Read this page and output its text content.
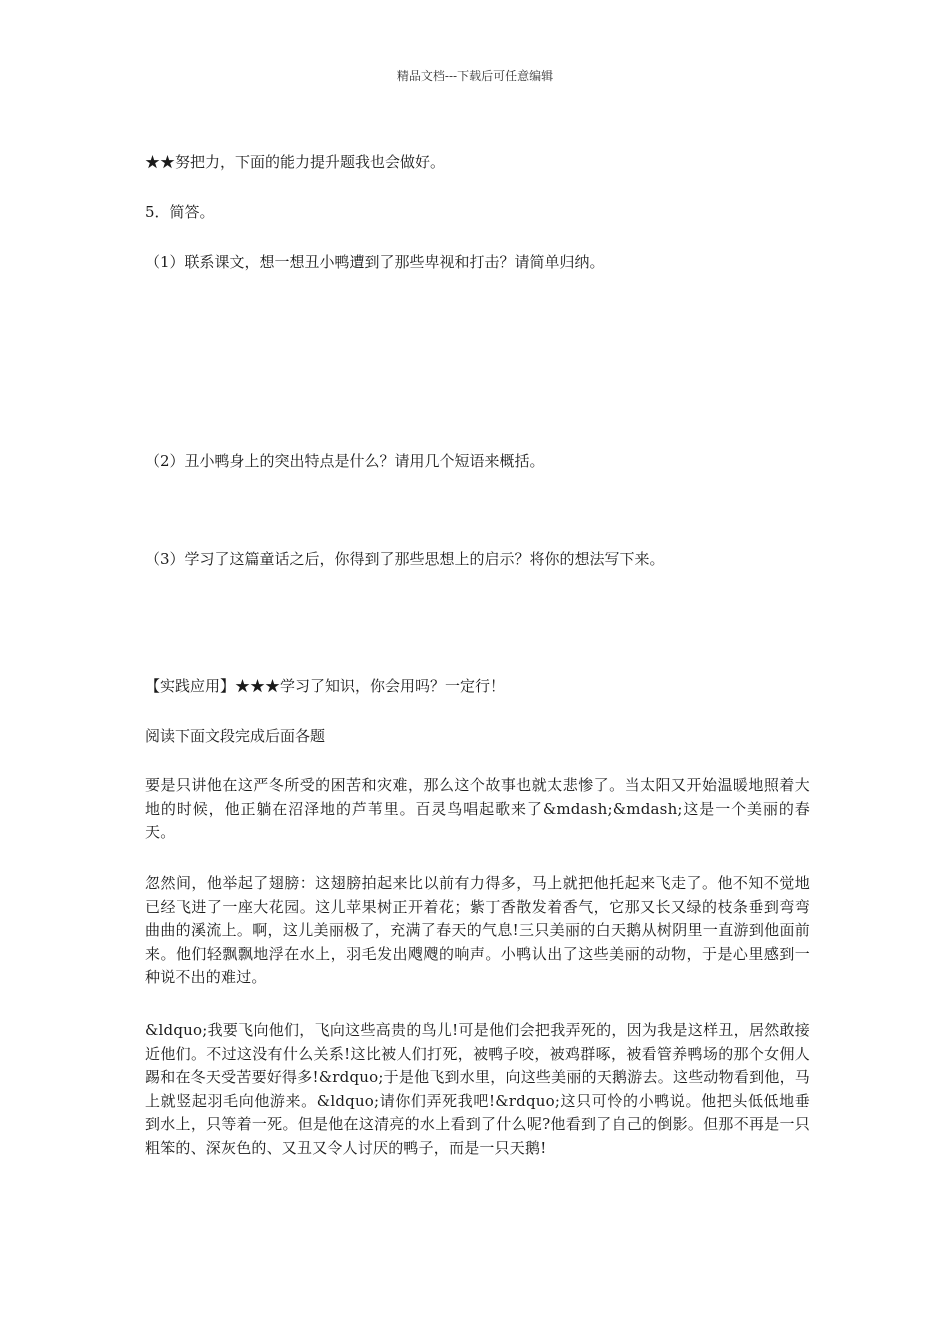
精品文档---下载后可任意编辑
★★努把力，下面的能力提升题我也会做好。
5．简答。
（1）联系课文，想一想丑小鸭遭到了那些卑视和打击？请简单归纳。
（2）丑小鸭身上的突出特点是什么？请用几个短语来概括。
（3）学习了这篇童话之后，你得到了那些思想上的启示？将你的想法写下来。
【实践应用】★★★学习了知识，你会用吗？一定行！
阅读下面文段完成后面各题
要是只讲他在这严冬所受的困苦和灾难，那么这个故事也就太悲惨了。当太阳又开始温暖地照着大地的时候，他正躺在沼泽地的芦苇里。百灵鸟唱起歌来了&mdash;&mdash;这是一个美丽的春天。
忽然间，他举起了翅膀：这翅膀拍起来比以前有力得多，马上就把他托起来飞走了。他不知不觉地已经飞进了一座大花园。这儿苹果树正开着花；紫丁香散发着香气，它那又长又绿的枝条垂到弯弯曲曲的溪流上。啊，这儿美丽极了，充满了春天的气息!三只美丽的白天鹅从树阴里一直游到他面前来。他们轻飘飘地浮在水上，羽毛发出飕飕的响声。小鸭认出了这些美丽的动物，于是心里感到一种说不出的难过。
&ldquo;我要飞向他们，飞向这些高贵的鸟儿!可是他们会把我弄死的，因为我是这样丑，居然敢接近他们。不过这没有什么关系!这比被人们打死，被鸭子咬，被鸡群啄，被看管养鸭场的那个女佣人踢和在冬天受苦要好得多!&rdquo;于是他飞到水里，向这些美丽的天鹅游去。这些动物看到他，马上就竖起羽毛向他游来。&ldquo;请你们弄死我吧!&rdquo;这只可怜的小鸭说。他把头低低地垂到水上，只等着一死。但是他在这清亮的水上看到了什么呢?他看到了自己的倒影。但那不再是一只粗笨的、深灰色的、又丑又令人讨厌的鸭子，而是一只天鹅!
